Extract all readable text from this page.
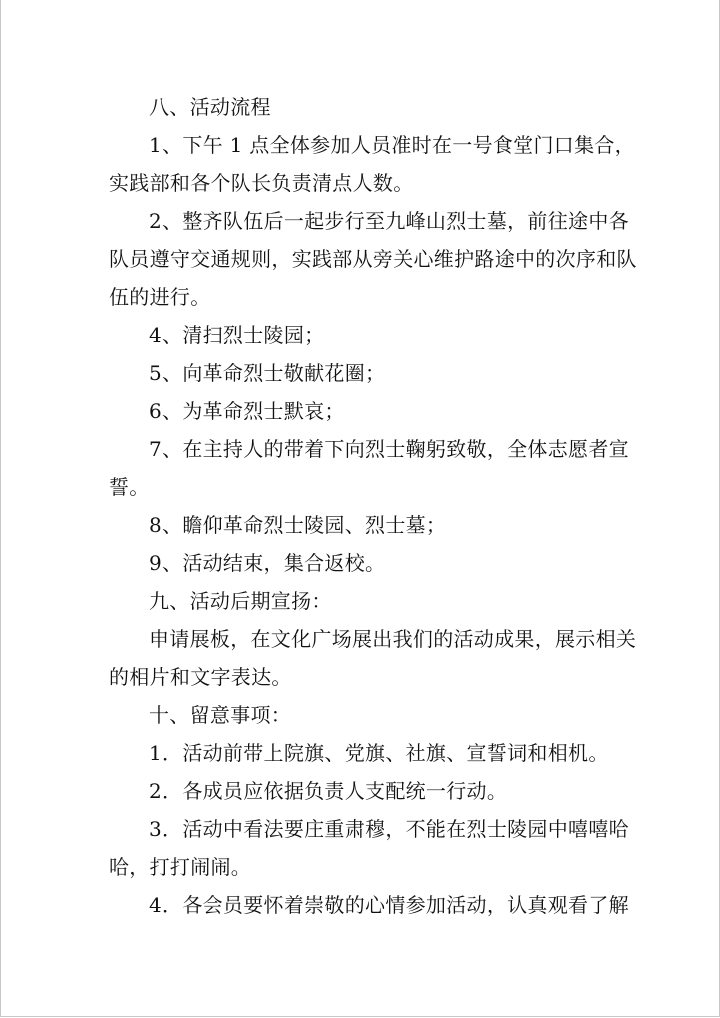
八、活动流程
1、下午 1 点全体参加人员准时在一号食堂门口集合，
实践部和各个队长负责清点人数。
2、整齐队伍后一起步行至九峰山烈士墓，前往途中各
队员遵守交通规则，实践部从旁关心维护路途中的次序和队
伍的进行。
4、清扫烈士陵园；
5、向革命烈士敬献花圈；
6、为革命烈士默哀；
7、在主持人的带着下向烈士鞠躬致敬，全体志愿者宣
誓。
8、瞻仰革命烈士陵园、烈士墓；
9、活动结束，集合返校。
九、活动后期宣扬：
申请展板，在文化广场展出我们的活动成果，展示相关
的相片和文字表达。
十、留意事项：
1．活动前带上院旗、党旗、社旗、宣誓词和相机。
2．各成员应依据负责人支配统一行动。
3．活动中看法要庄重肃穆，不能在烈士陵园中嘻嘻哈
哈，打打闹闹。
4．各会员要怀着崇敬的心情参加活动，认真观看了解
